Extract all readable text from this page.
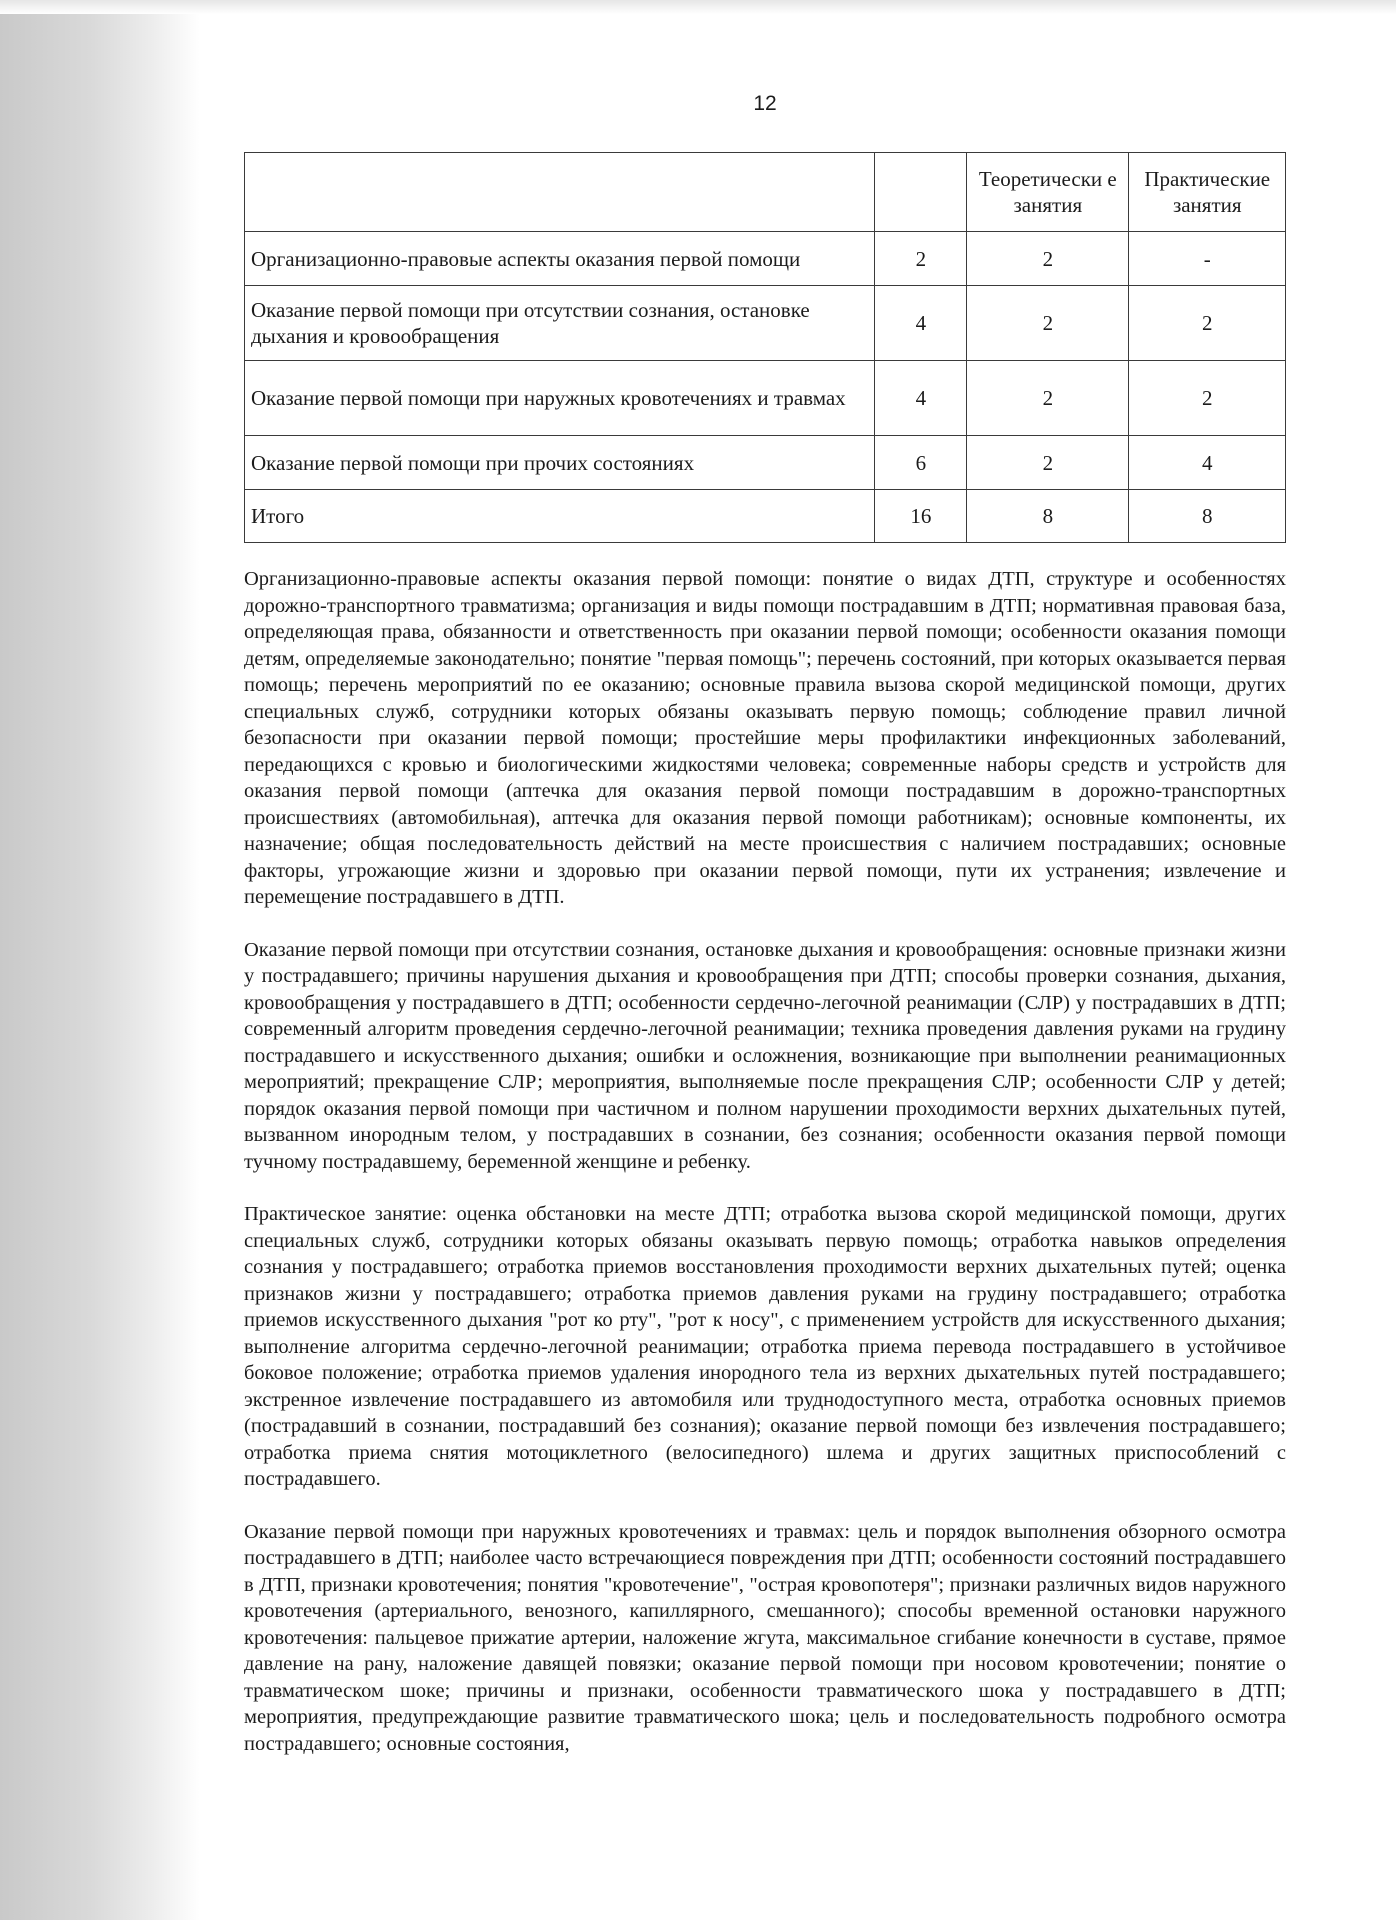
12
		Теоретически е занятия	Практические занятия
Организационно-правовые аспекты оказания первой помощи	2	2	-
Оказание первой помощи при отсутствии сознания, остановке дыхания и кровообращения	4	2	2
Оказание первой помощи при наружных кровотечениях и травмах	4	2	2
Оказание первой помощи при прочих состояниях	6	2	4
Итого	16	8	8

Организационно-правовые аспекты оказания первой помощи: понятие о видах ДТП, структуре и особенностях дорожно-транспортного травматизма; организация и виды помощи пострадавшим в ДТП; нормативная правовая база, определяющая права, обязанности и ответственность при оказании первой помощи; особенности оказания помощи детям, определяемые законодательно; понятие "первая помощь"; перечень состояний, при которых оказывается первая помощь; перечень мероприятий по ее оказанию; основные правила вызова скорой медицинской помощи, других специальных служб, сотрудники которых обязаны оказывать первую помощь; соблюдение правил личной безопасности при оказании первой помощи; простейшие меры профилактики инфекционных заболеваний, передающихся с кровью и биологическими жидкостями человека; современные наборы средств и устройств для оказания первой помощи (аптечка для оказания первой помощи пострадавшим в дорожно-транспортных происшествиях (автомобильная), аптечка для оказания первой помощи работникам); основные компоненты, их назначение; общая последовательность действий на месте происшествия с наличием пострадавших; основные факторы, угрожающие жизни и здоровью при оказании первой помощи, пути их устранения; извлечение и перемещение пострадавшего в ДТП.

Оказание первой помощи при отсутствии сознания, остановке дыхания и кровообращения: основные признаки жизни у пострадавшего; причины нарушения дыхания и кровообращения при ДТП; способы проверки сознания, дыхания, кровообращения у пострадавшего в ДТП; особенности сердечно-легочной реанимации (СЛР) у пострадавших в ДТП; современный алгоритм проведения сердечно-легочной реанимации; техника проведения давления руками на грудину пострадавшего и искусственного дыхания; ошибки и осложнения, возникающие при выполнении реанимационных мероприятий; прекращение СЛР; мероприятия, выполняемые после прекращения СЛР; особенности СЛР у детей; порядок оказания первой помощи при частичном и полном нарушении проходимости верхних дыхательных путей, вызванном инородным телом, у пострадавших в сознании, без сознания; особенности оказания первой помощи тучному пострадавшему, беременной женщине и ребенку.

Практическое занятие: оценка обстановки на месте ДТП; отработка вызова скорой медицинской помощи, других специальных служб, сотрудники которых обязаны оказывать первую помощь; отработка навыков определения сознания у пострадавшего; отработка приемов восстановления проходимости верхних дыхательных путей; оценка признаков жизни у пострадавшего; отработка приемов давления руками на грудину пострадавшего; отработка приемов искусственного дыхания "рот ко рту", "рот к носу", с применением устройств для искусственного дыхания; выполнение алгоритма сердечно-легочной реанимации; отработка приема перевода пострадавшего в устойчивое боковое положение; отработка приемов удаления инородного тела из верхних дыхательных путей пострадавшего; экстренное извлечение пострадавшего из автомобиля или труднодоступного места, отработка основных приемов (пострадавший в сознании, пострадавший без сознания); оказание первой помощи без извлечения пострадавшего; отработка приема снятия мотоциклетного (велосипедного) шлема и других защитных приспособлений с пострадавшего.

Оказание первой помощи при наружных кровотечениях и травмах: цель и порядок выполнения обзорного осмотра пострадавшего в ДТП; наиболее часто встречающиеся повреждения при ДТП; особенности состояний пострадавшего в ДТП, признаки кровотечения; понятия "кровотечение", "острая кровопотеря"; признаки различных видов наружного кровотечения (артериального, венозного, капиллярного, смешанного); способы временной остановки наружного кровотечения: пальцевое прижатие артерии, наложение жгута, максимальное сгибание конечности в суставе, прямое давление на рану, наложение давящей повязки; оказание первой помощи при носовом кровотечении; понятие о травматическом шоке; причины и признаки, особенности травматического шока у пострадавшего в ДТП; мероприятия, предупреждающие развитие травматического шока; цель и последовательность подробного осмотра пострадавшего; основные состояния,
